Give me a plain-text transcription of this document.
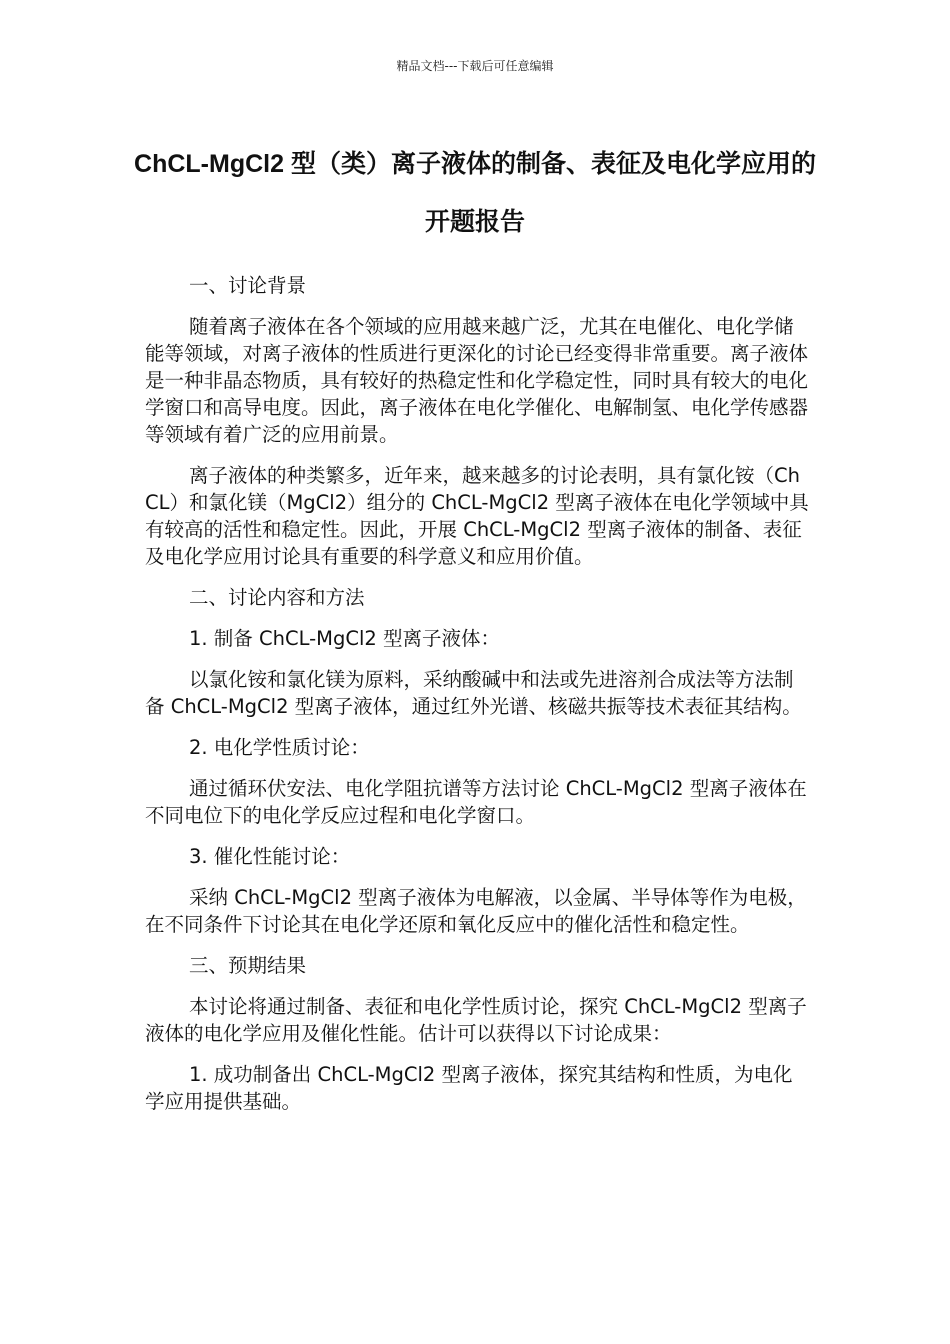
精品文档---下载后可任意编辑
ChCL-MgCl2 型（类）离子液体的制备、表征及电化学应用的开题报告

一、讨论背景

随着离子液体在各个领域的应用越来越广泛，尤其在电催化、电化学储能等领域，对离子液体的性质进行更深化的讨论已经变得非常重要。离子液体是一种非晶态物质，具有较好的热稳定性和化学稳定性，同时具有较大的电化学窗口和高导电度。因此，离子液体在电化学催化、电解制氢、电化学传感器等领域有着广泛的应用前景。

离子液体的种类繁多，近年来，越来越多的讨论表明，具有氯化铵（ChCL）和氯化镁（MgCl2）组分的 ChCL-MgCl2 型离子液体在电化学领域中具有较高的活性和稳定性。因此，开展 ChCL-MgCl2 型离子液体的制备、表征及电化学应用讨论具有重要的科学意义和应用价值。

二、讨论内容和方法

1. 制备 ChCL-MgCl2 型离子液体：

以氯化铵和氯化镁为原料，采纳酸碱中和法或先进溶剂合成法等方法制备 ChCL-MgCl2 型离子液体，通过红外光谱、核磁共振等技术表征其结构。

2. 电化学性质讨论：

通过循环伏安法、电化学阻抗谱等方法讨论 ChCL-MgCl2 型离子液体在不同电位下的电化学反应过程和电化学窗口。

3. 催化性能讨论：

采纳 ChCL-MgCl2 型离子液体为电解液，以金属、半导体等作为电极，在不同条件下讨论其在电化学还原和氧化反应中的催化活性和稳定性。

三、预期结果

本讨论将通过制备、表征和电化学性质讨论，探究 ChCL-MgCl2 型离子液体的电化学应用及催化性能。估计可以获得以下讨论成果：

1. 成功制备出 ChCL-MgCl2 型离子液体，探究其结构和性质，为电化学应用提供基础。
